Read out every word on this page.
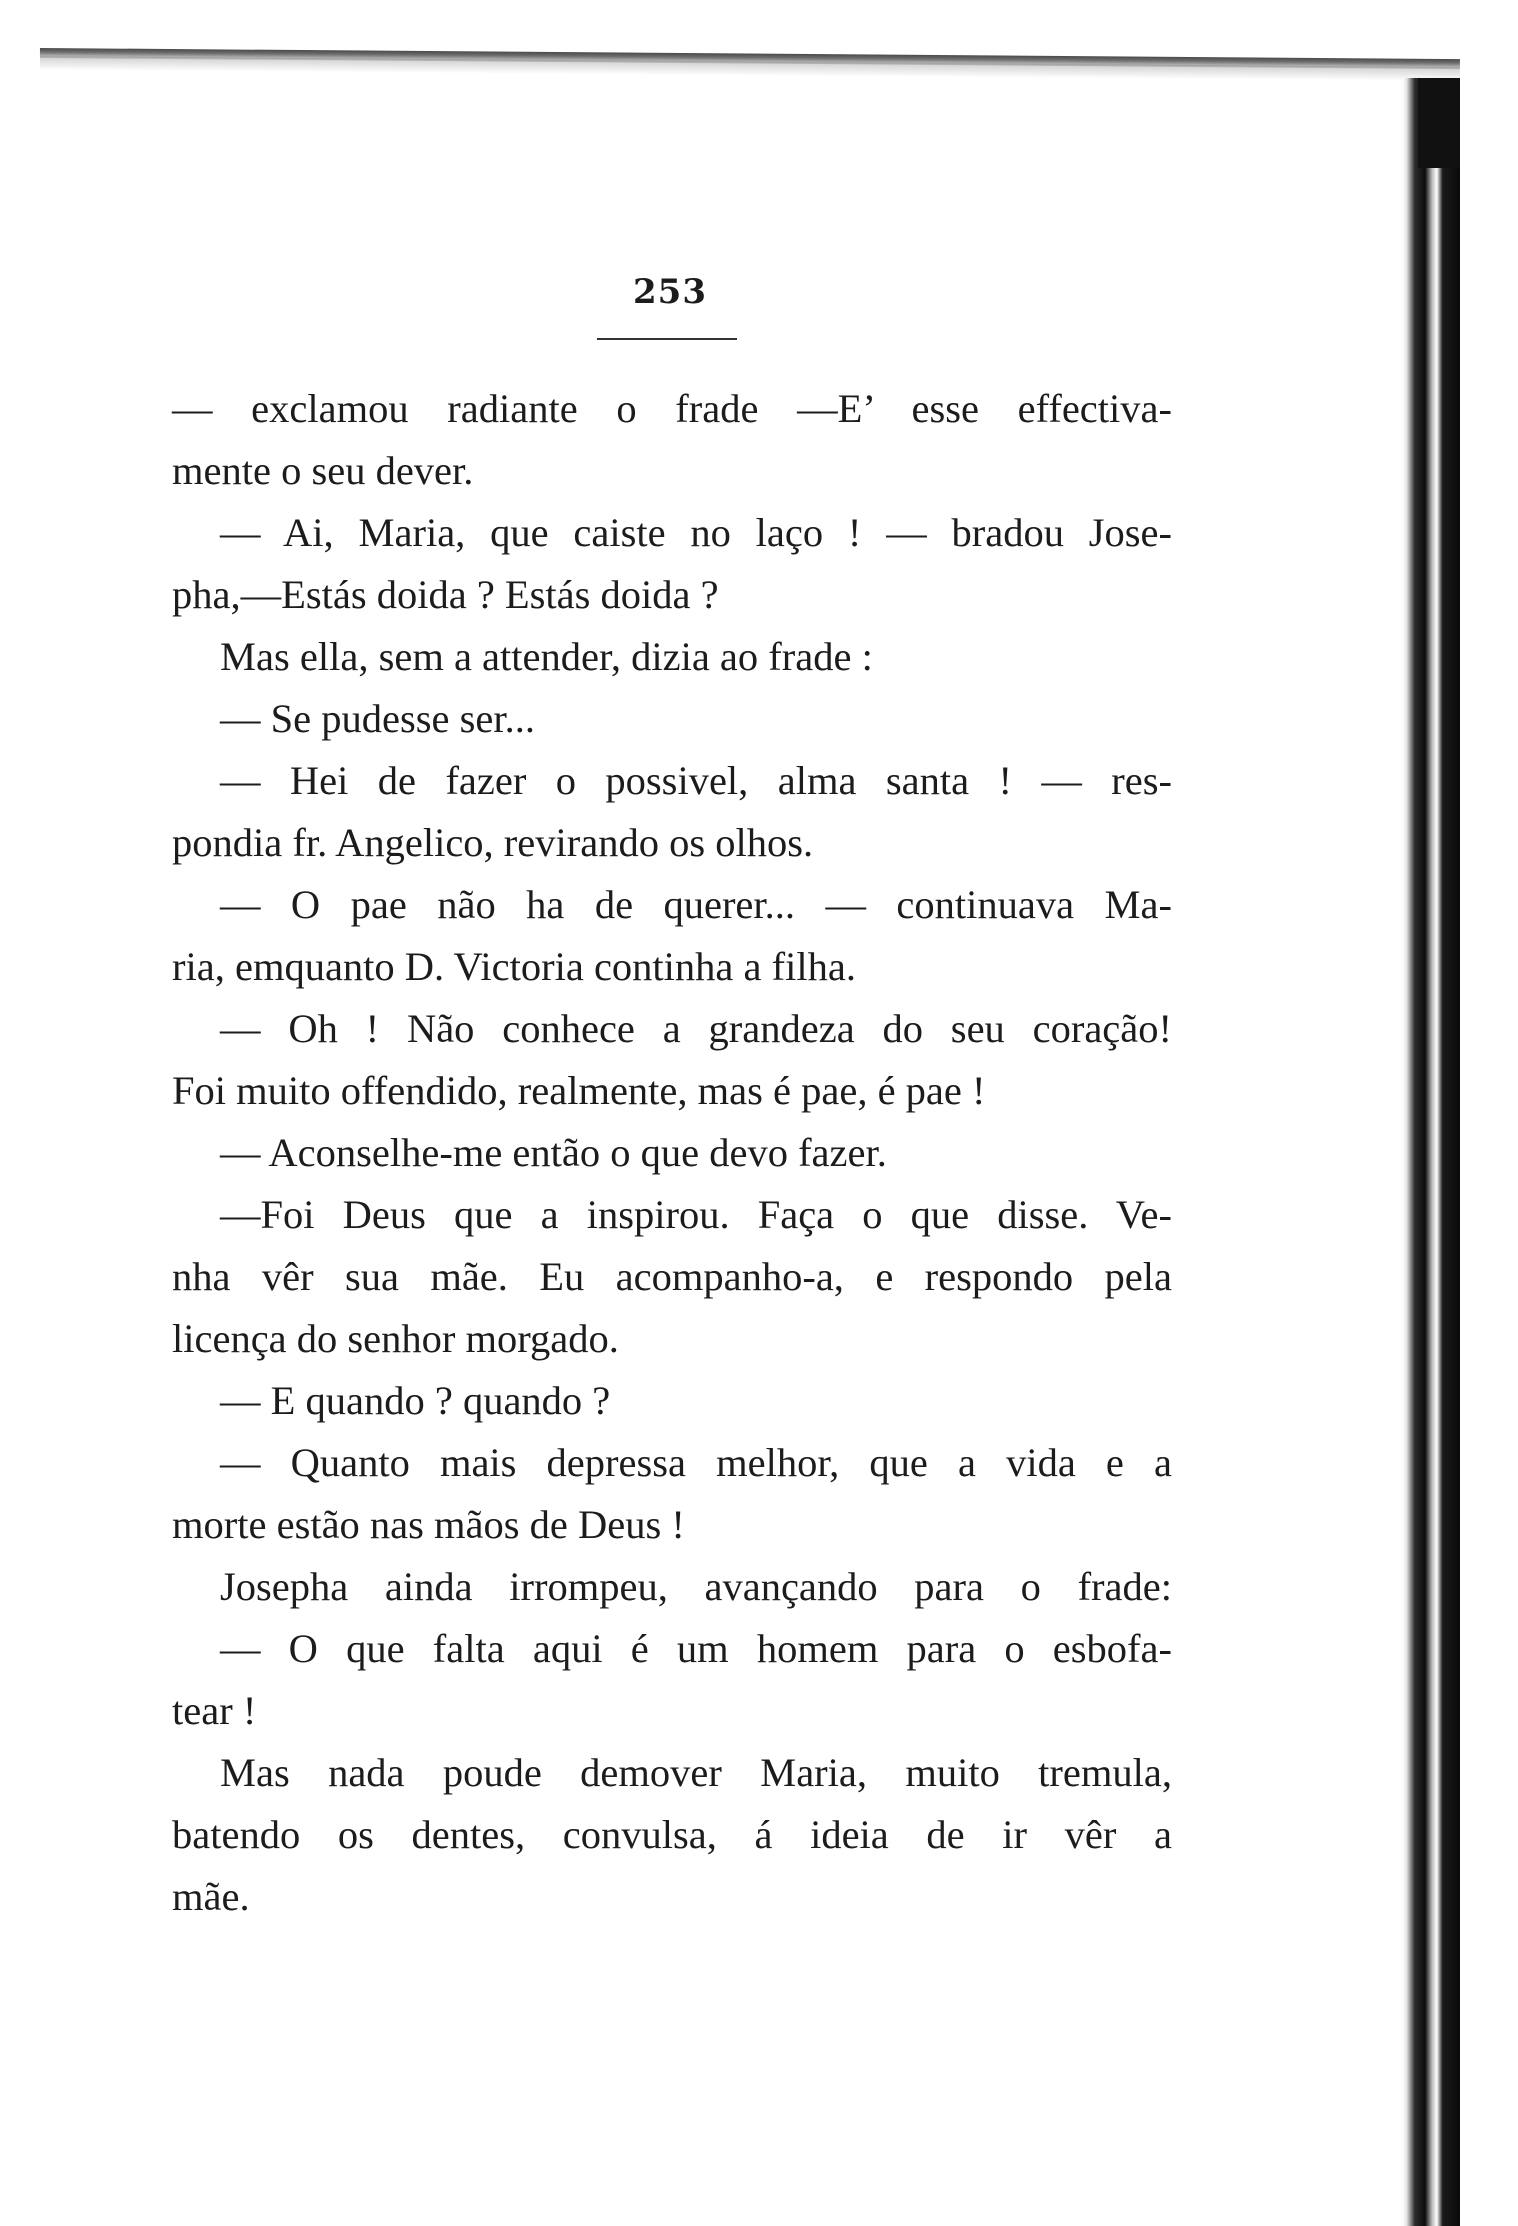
253
— exclamou radiante o frade —E’ esse effectiva-
mente o seu dever.
— Ai, Maria, que caiste no laço ! — bradou Jose-
pha,—Estás doida ? Estás doida ?
Mas ella, sem a attender, dizia ao frade :
— Se pudesse ser...
— Hei de fazer o possivel, alma santa ! — res-
pondia fr. Angelico, revirando os olhos.
— O pae não ha de querer... — continuava Ma-
ria, emquanto D. Victoria continha a filha.
— Oh ! Não conhece a grandeza do seu coração!
Foi muito offendido, realmente, mas é pae, é pae !
— Aconselhe-me então o que devo fazer.
—Foi Deus que a inspirou. Faça o que disse. Ve-
nha vêr sua mãe. Eu acompanho-a, e respondo pela
licença do senhor morgado.
— E quando ? quando ?
— Quanto mais depressa melhor, que a vida e a
morte estão nas mãos de Deus !
Josepha ainda irrompeu, avançando para o frade:
— O que falta aqui é um homem para o esbofa-
tear !
Mas nada poude demover Maria, muito tremula,
batendo os dentes, convulsa, á ideia de ir vêr a
mãe.
